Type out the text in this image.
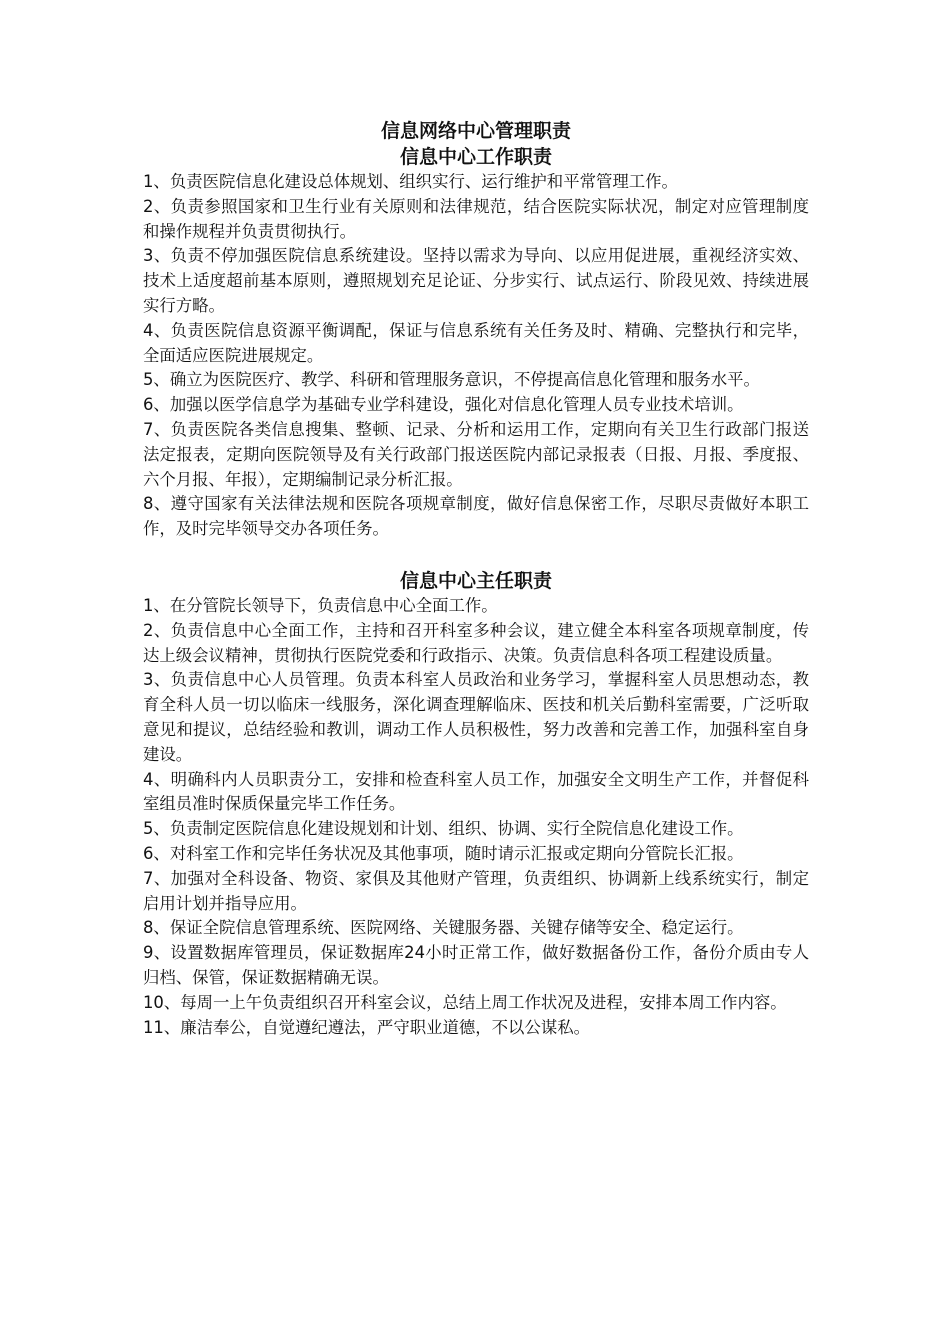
信息网络中心管理职责
信息中心工作职责

1、负责医院信息化建设总体规划、组织实行、运行维护和平常管理工作。

2、负责参照国家和卫生行业有关原则和法律规范，结合医院实际状况，制定对应管理制度和操作规程并负责贯彻执行。

3、负责不停加强医院信息系统建设。坚持以需求为导向、以应用促进展，重视经济实效、技术上适度超前基本原则，遵照规划充足论证、分步实行、试点运行、阶段见效、持续进展实行方略。

4、负责医院信息资源平衡调配，保证与信息系统有关任务及时、精确、完整执行和完毕，全面适应医院进展规定。

5、确立为医院医疗、教学、科研和管理服务意识，不停提高信息化管理和服务水平。

6、加强以医学信息学为基础专业学科建设，强化对信息化管理人员专业技术培训。

7、负责医院各类信息搜集、整顿、记录、分析和运用工作，定期向有关卫生行政部门报送法定报表，定期向医院领导及有关行政部门报送医院内部记录报表（日报、月报、季度报、六个月报、年报），定期编制记录分析汇报。

8、遵守国家有关法律法规和医院各项规章制度，做好信息保密工作，尽职尽责做好本职工作，及时完毕领导交办各项任务。

信息中心主任职责

1、在分管院长领导下，负责信息中心全面工作。

2、负责信息中心全面工作，主持和召开科室多种会议，建立健全本科室各项规章制度，传达上级会议精神，贯彻执行医院党委和行政指示、决策。负责信息科各项工程建设质量。

3、负责信息中心人员管理。负责本科室人员政治和业务学习，掌握科室人员思想动态，教育全科人员一切以临床一线服务，深化调查理解临床、医技和机关后勤科室需要，广泛听取意见和提议，总结经验和教训，调动工作人员积极性，努力改善和完善工作，加强科室自身建设。

4、明确科内人员职责分工，安排和检查科室人员工作，加强安全文明生产工作，并督促科室组员准时保质保量完毕工作任务。

5、负责制定医院信息化建设规划和计划、组织、协调、实行全院信息化建设工作。

6、对科室工作和完毕任务状况及其他事项，随时请示汇报或定期向分管院长汇报。

7、加强对全科设备、物资、家俱及其他财产管理，负责组织、协调新上线系统实行，制定启用计划并指导应用。

8、保证全院信息管理系统、医院网络、关键服务器、关键存储等安全、稳定运行。

9、设置数据库管理员，保证数据库24小时正常工作，做好数据备份工作，备份介质由专人归档、保管，保证数据精确无误。

10、每周一上午负责组织召开科室会议，总结上周工作状况及进程，安排本周工作内容。

11、廉洁奉公，自觉遵纪遵法，严守职业道德，不以公谋私。
